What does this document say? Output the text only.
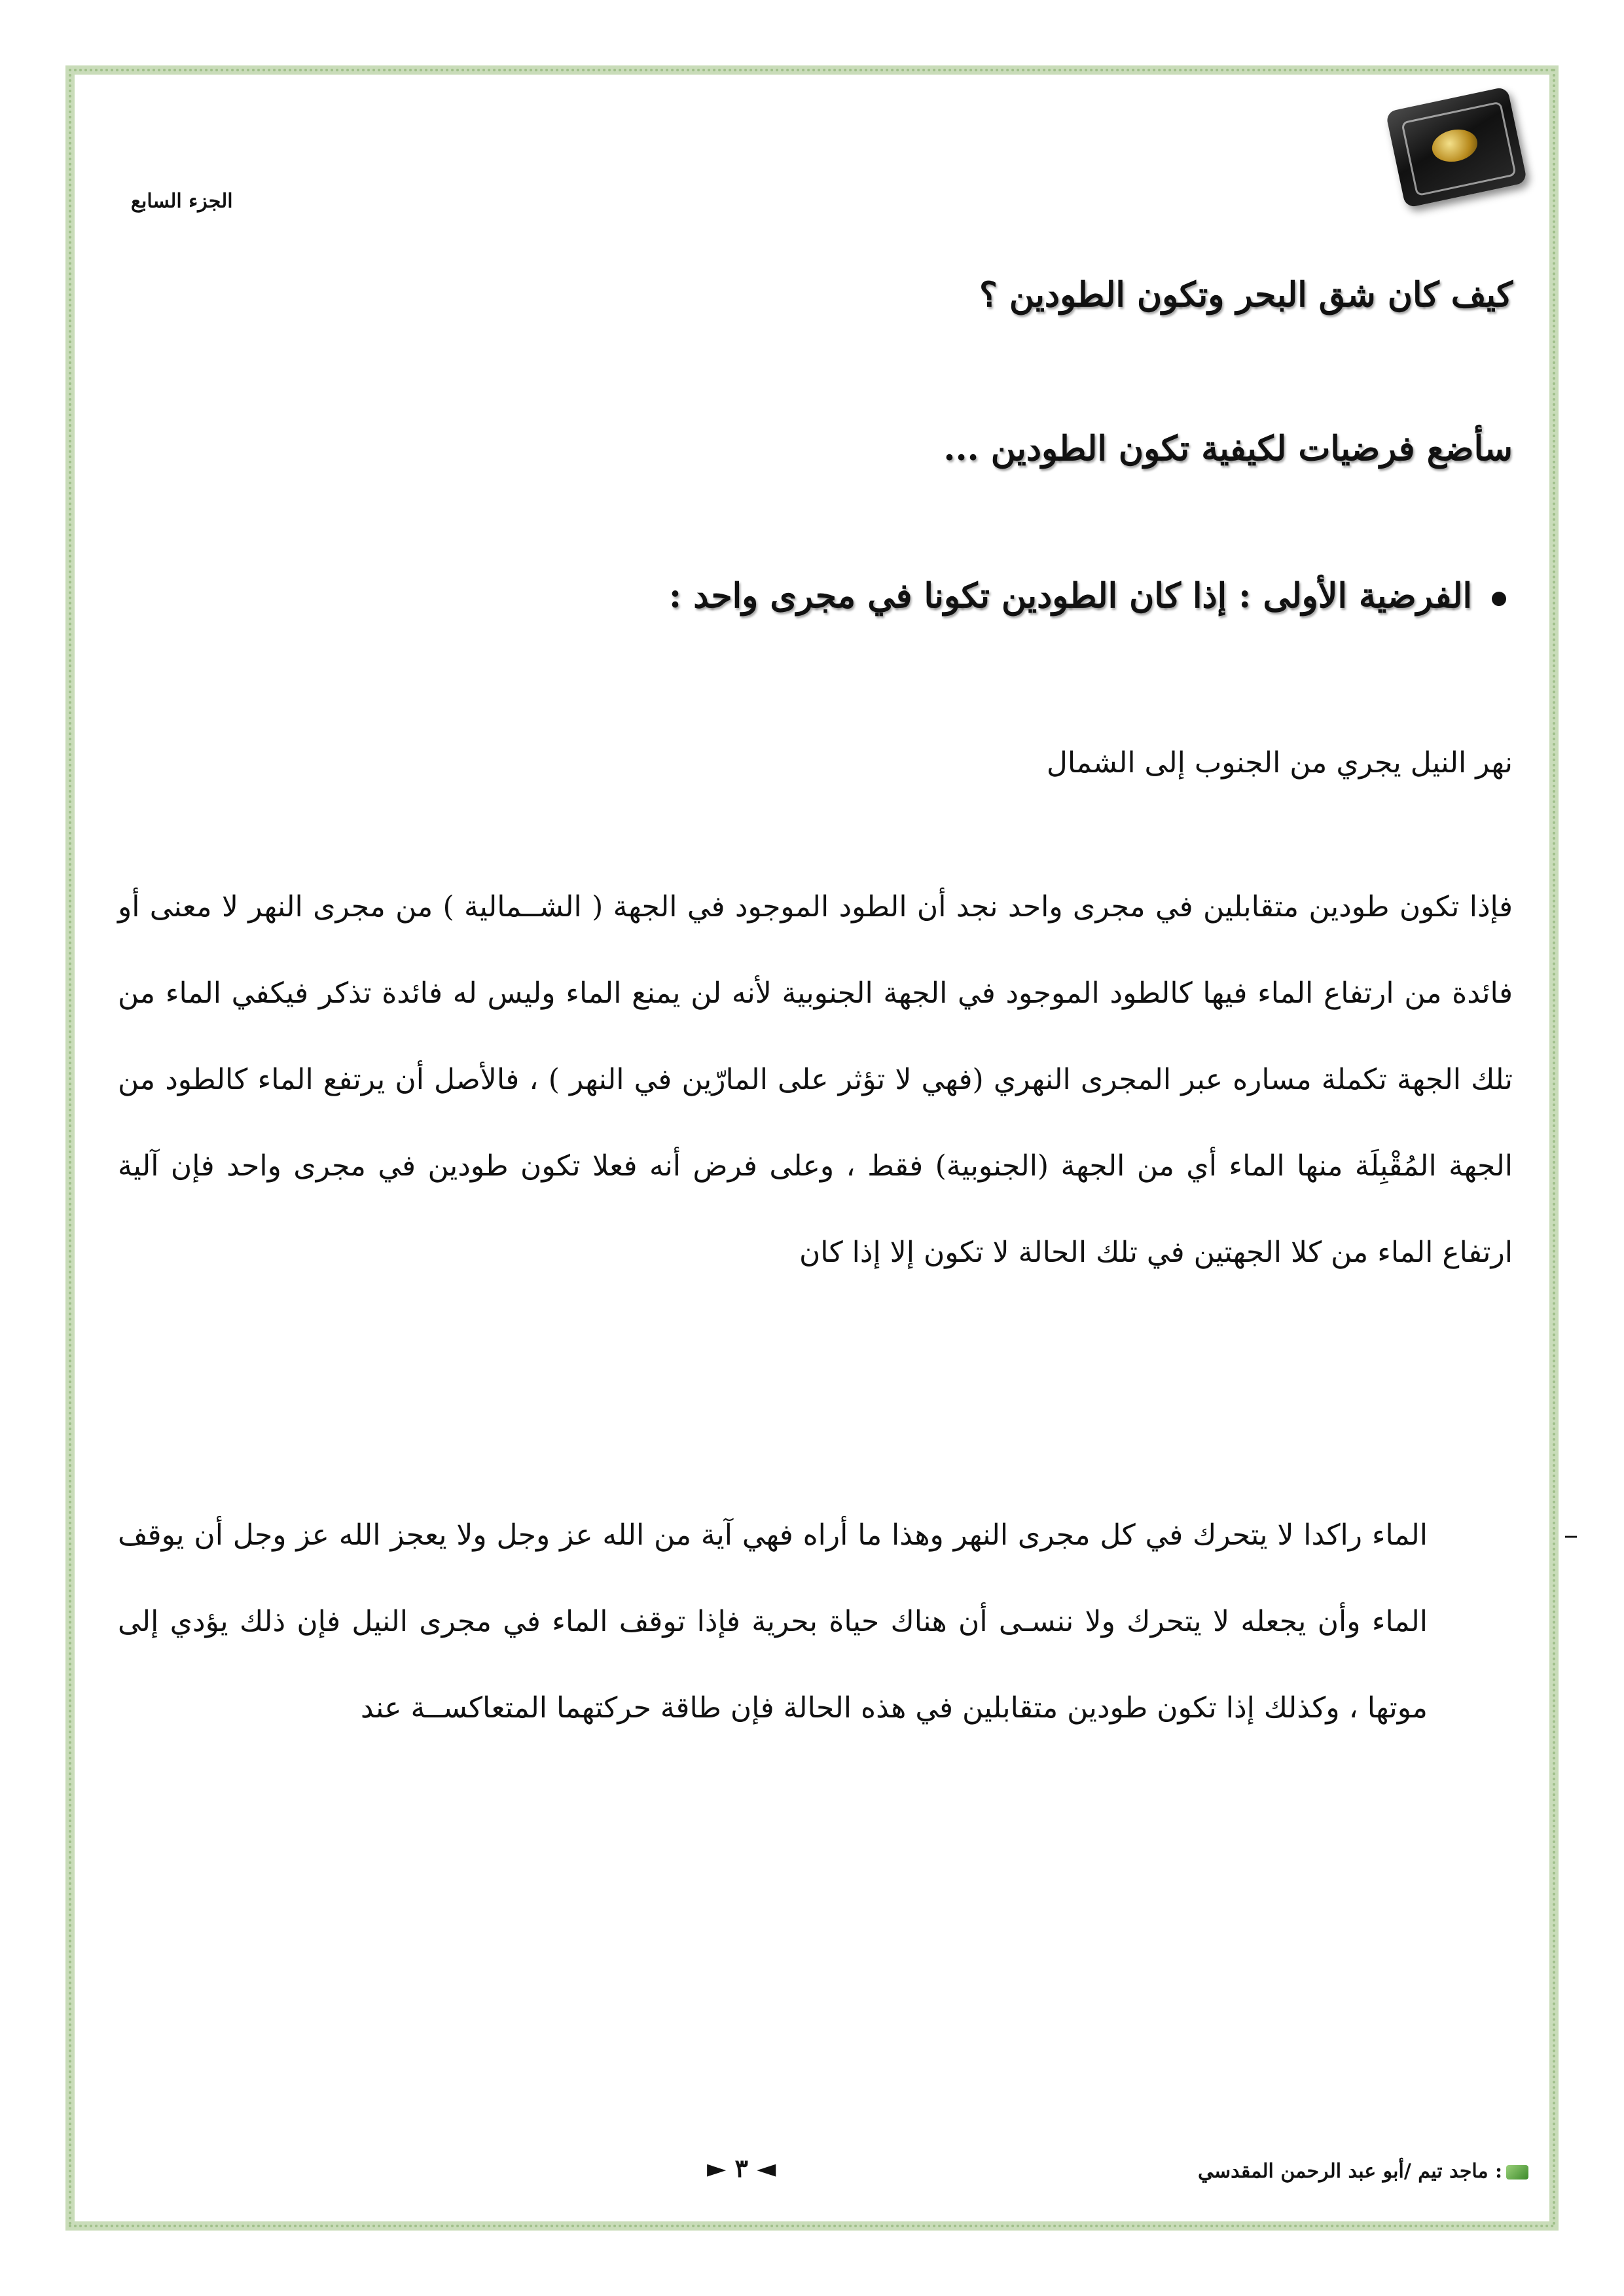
الجزء السابع
كيف كان شق البحر وتكون الطودين ؟
سأضع فرضيات لكيفية تكون الطودين ...
الفرضية الأولى : إذا كان الطودين تكونا في مجرى واحد :
نهر النيل يجري من الجنوب إلى الشمال
فإذا تكون طودين متقابلين في مجرى واحد نجد أن الطود الموجود في الجهة ( الشــمالية ) من مجرى النهر لا معنى أو فائدة من ارتفاع الماء فيها كالطود الموجود في الجهة الجنوبية لأنه لن يمنع الماء وليس له فائدة تذكر فيكفي الماء من تلك الجهة تكملة مساره عبر المجرى النهري (فهي لا تؤثر على المارّين في النهر ) ، فالأصل أن يرتفع الماء كالطود من الجهة المُقْبِلَة منها الماء أي من الجهة (الجنوبية) فقط ، وعلى فرض أنه فعلا تكون طودين في مجرى واحد فإن آلية ارتفاع الماء من كلا الجهتين في تلك الحالة لا تكون إلا إذا كان
–
الماء راكدا لا يتحرك في كل مجرى النهر وهذا ما أراه فهي آية من الله عز وجل ولا يعجز الله عز وجل أن يوقف الماء وأن يجعله لا يتحرك ولا ننسـى أن هناك حياة بحرية فإذا توقف الماء في مجرى النيل فإن ذلك يؤدي إلى موتها ، وكذلك إذا تكون طودين متقابلين في هذه الحالة فإن طاقة حركتهما المتعاكســة عند
◄ ٣ ►	: ماجد تيم /أبو عبد الرحمن المقدسي
